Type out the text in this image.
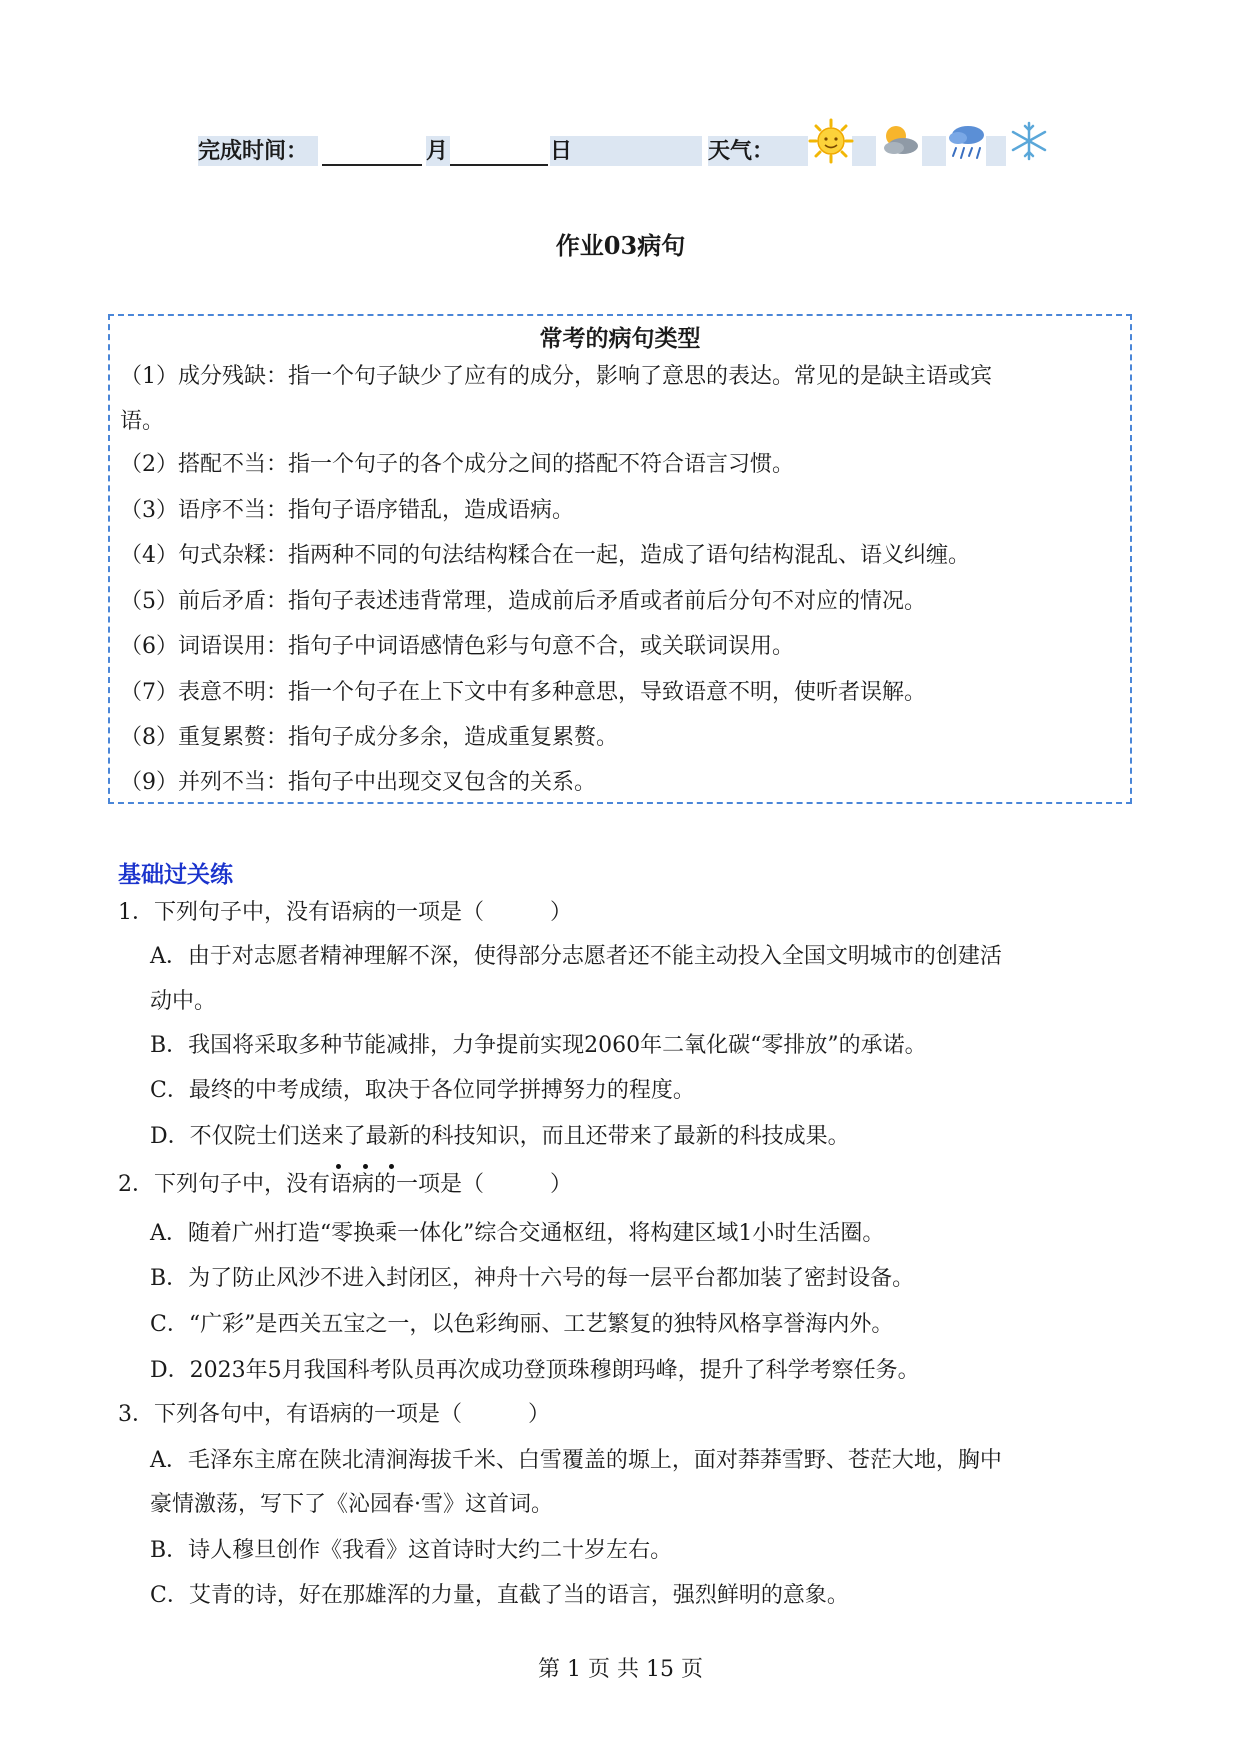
完成时间：	月	日	天气：
作业03病句
常考的病句类型
（1）成分残缺：指一个句子缺少了应有的成分，影响了意思的表达。常见的是缺主语或宾
语。
（2）搭配不当：指一个句子的各个成分之间的搭配不符合语言习惯。
（3）语序不当：指句子语序错乱，造成语病。
（4）句式杂糅：指两种不同的句法结构糅合在一起，造成了语句结构混乱、语义纠缠。
（5）前后矛盾：指句子表述违背常理，造成前后矛盾或者前后分句不对应的情况。
（6）词语误用：指句子中词语感情色彩与句意不合，或关联词误用。
（7）表意不明：指一个句子在上下文中有多种意思，导致语意不明，使听者误解。
（8）重复累赘：指句子成分多余，造成重复累赘。
（9）并列不当：指句子中出现交叉包含的关系。
基础过关练
1．下列句子中，没有语病的一项是（　　　）
A．由于对志愿者精神理解不深，使得部分志愿者还不能主动投入全国文明城市的创建活
动中。
B．我国将采取多种节能减排，力争提前实现2060年二氧化碳“零排放”的承诺。
C．最终的中考成绩，取决于各位同学拼搏努力的程度。
D．不仅院士们送来了最新的科技知识，而且还带来了最新的科技成果。
2．下列句子中，没有语病的一项是（　　　）
A．随着广州打造“零换乘一体化”综合交通枢纽，将构建区域1小时生活圈。
B．为了防止风沙不进入封闭区，神舟十六号的每一层平台都加装了密封设备。
C．“广彩”是西关五宝之一，以色彩绚丽、工艺繁复的独特风格享誉海内外。
D．2023年5月我国科考队员再次成功登顶珠穆朗玛峰，提升了科学考察任务。
3．下列各句中，有语病的一项是（　　　）
A．毛泽东主席在陕北清涧海拔千米、白雪覆盖的塬上，面对莽莽雪野、苍茫大地，胸中
豪情激荡，写下了《沁园春·雪》这首词。
B．诗人穆旦创作《我看》这首诗时大约二十岁左右。
C．艾青的诗，好在那雄浑的力量，直截了当的语言，强烈鲜明的意象。
第 1 页 共 15 页
